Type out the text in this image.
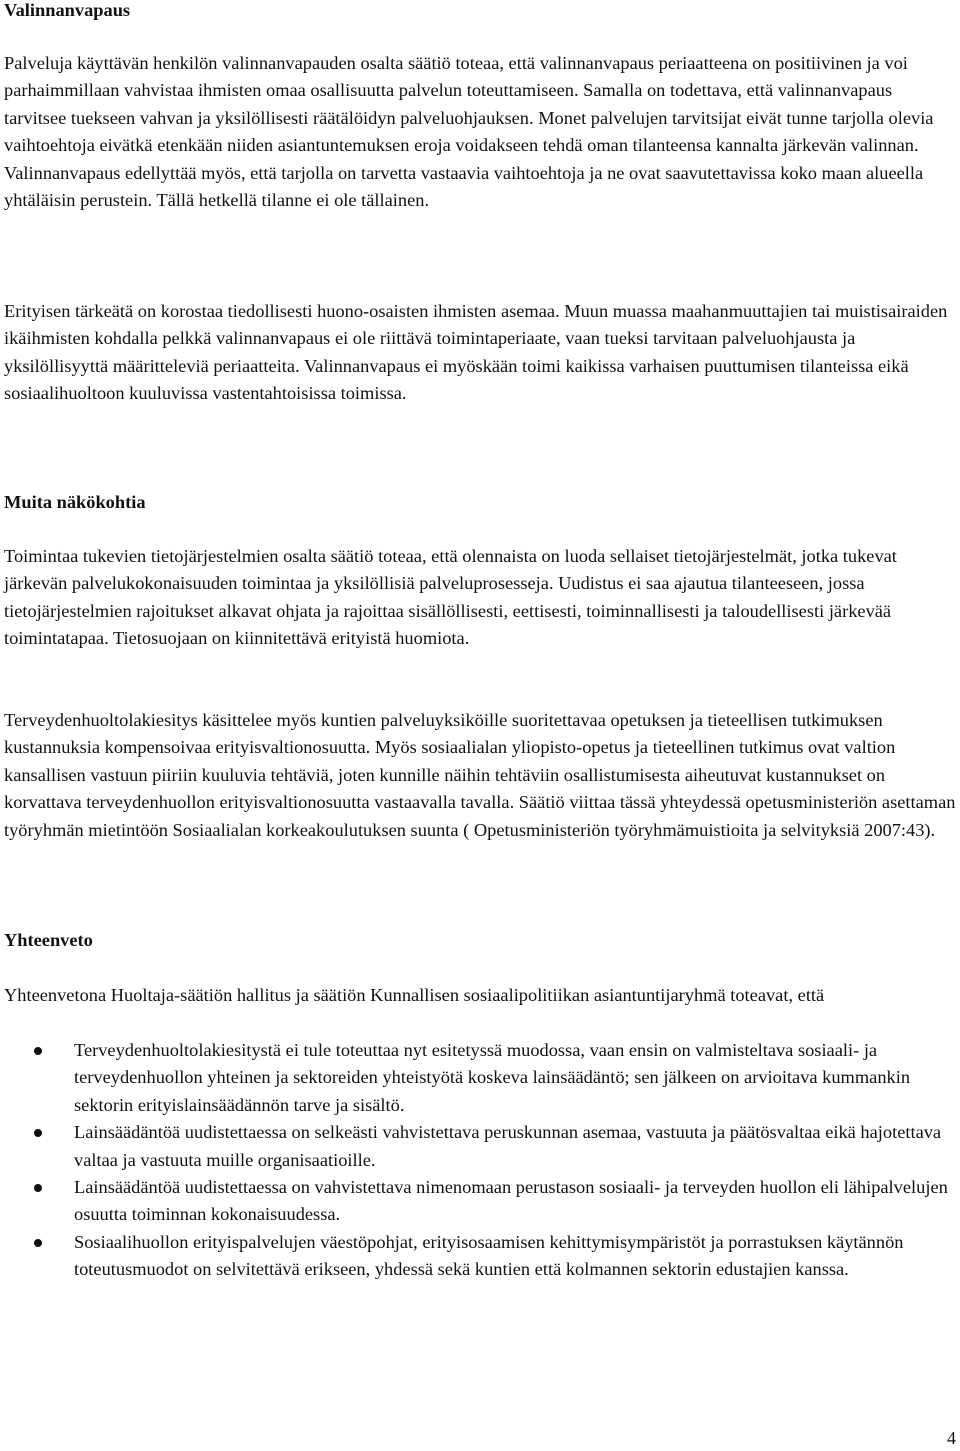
Valinnanvapaus

Palveluja käyttävän henkilön valinnanvapauden osalta säätiö toteaa, että valinnanvapaus periaatteena on positiivinen ja voi parhaimmillaan vahvistaa ihmisten omaa osallisuutta palvelun toteuttamiseen. Samalla on todettava, että valinnanvapaus tarvitsee tuekseen vahvan ja yksilöllisesti räätälöidyn palveluohjauksen. Monet palvelujen tarvitsijat eivät tunne tarjolla olevia vaihtoehtoja eivätkä etenkään niiden asiantuntemuksen eroja voidakseen tehdä oman tilanteensa kannalta järkevän valinnan. Valinnanvapaus edellyttää myös, että tarjolla on tarvetta vastaavia vaihtoehtoja ja ne ovat saavutettavissa koko maan alueella yhtäläisin perustein. Tällä hetkellä tilanne ei ole tällainen.

Erityisen tärkeätä on korostaa tiedollisesti huono-osaisten ihmisten asemaa. Muun muassa maahanmuuttajien tai muistisairaiden ikäihmisten kohdalla pelkkä valinnanvapaus ei ole riittävä toimintaperiaate, vaan tueksi tarvitaan palveluohjausta ja yksilöllisyyttä määritteleviä periaatteita. Valinnanvapaus ei myöskään toimi kaikissa varhaisen puuttumisen tilanteissa eikä sosiaalihuoltoon kuuluvissa vastentahtoisissa toimissa.

Muita näkökohtia

Toimintaa tukevien tietojärjestelmien osalta säätiö toteaa, että olennaista on luoda sellaiset tietojärjestelmät, jotka tukevat järkevän palvelukokonaisuuden toimintaa ja yksilöllisiä palveluprosesseja. Uudistus ei saa ajautua tilanteeseen, jossa tietojärjestelmien rajoitukset alkavat ohjata ja rajoittaa sisällöllisesti, eettisesti, toiminnallisesti ja taloudellisesti järkevää toimintatapaa. Tietosuojaan on kiinnitettävä erityistä huomiota.

Terveydenhuoltolakiesitys käsittelee myös kuntien palveluyksiköille suoritettavaa opetuksen ja tieteellisen tutkimuksen kustannuksia kompensoivaa erityisvaltionosuutta. Myös sosiaalialan yliopisto-opetus ja tieteellinen tutkimus ovat valtion kansallisen vastuun piiriin kuuluvia tehtäviä, joten kunnille näihin tehtäviin osallistumisesta aiheutuvat kustannukset on korvattava terveydenhuollon erityisvaltionosuutta vastaavalla tavalla. Säätiö viittaa tässä yhteydessä opetusministeriön asettaman työryhmän mietintöön Sosiaalialan korkeakoulutuksen suunta ( Opetusministeriön työryhmämuistioita ja selvityksiä 2007:43).

Yhteenveto

Yhteenvetona Huoltaja-säätiön hallitus ja säätiön Kunnallisen sosiaalipolitiikan asiantuntijaryhmä toteavat, että

Terveydenhuoltolakiesitystä ei tule toteuttaa nyt esitetyssä muodossa, vaan ensin on valmisteltava sosiaali- ja terveydenhuollon yhteinen ja sektoreiden yhteistyötä koskeva lainsäädäntö; sen jälkeen on arvioitava kummankin sektorin erityislainsäädännön tarve ja sisältö.
Lainsäädäntöä uudistettaessa on selkeästi vahvistettava peruskunnan asemaa, vastuuta ja päätösvaltaa eikä hajotettava valtaa ja vastuuta muille organisaatioille.
Lainsäädäntöä uudistettaessa on vahvistettava nimenomaan perustason sosiaali- ja terveyden huollon eli lähipalvelujen osuutta toiminnan kokonaisuudessa.
Sosiaalihuollon erityispalvelujen väestöpohjat, erityisosaamisen kehittymisympäristöt ja porrastuksen käytännön toteutusmuodot on selvitettävä erikseen, yhdessä sekä kuntien että kolmannen sektorin edustajien kanssa.
4
